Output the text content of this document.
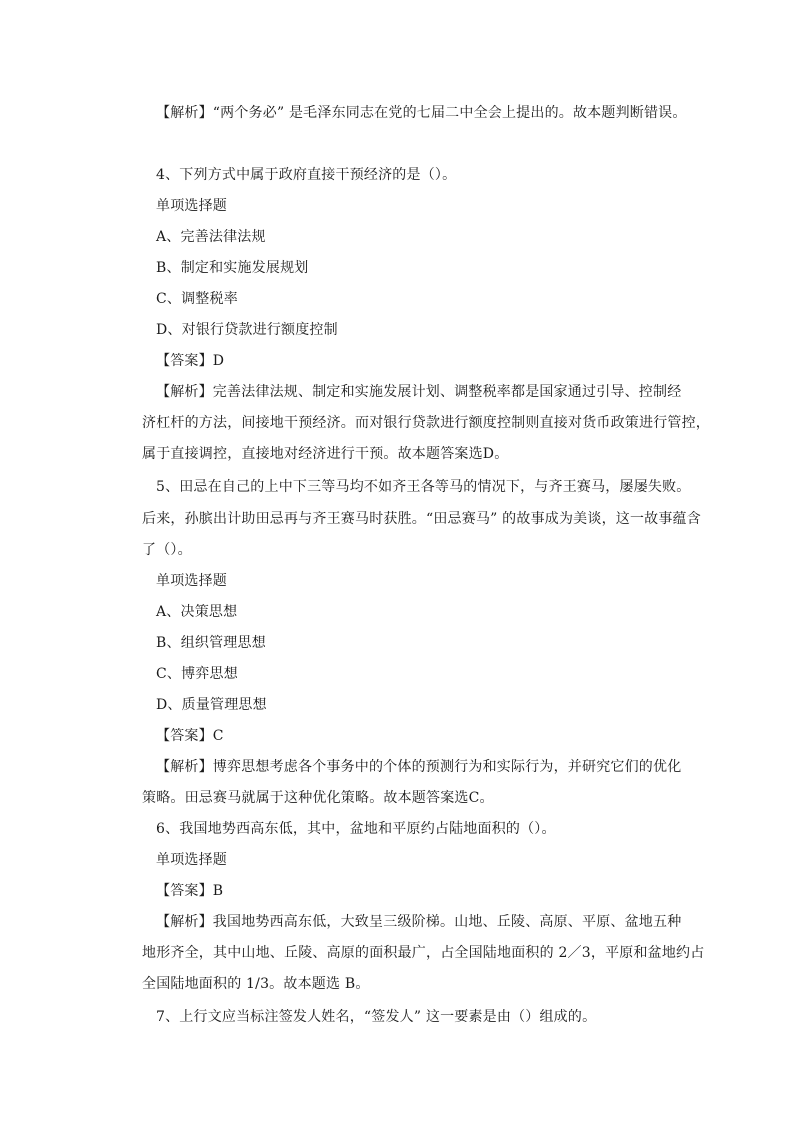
【解析】“两个务必” 是毛泽东同志在党的七届二中全会上提出的。故本题判断错误。
4、下列方式中属于政府直接干预经济的是（）。
单项选择题
A、完善法律法规
B、制定和实施发展规划
C、调整税率
D、对银行贷款进行额度控制
【答案】D
【解析】完善法律法规、制定和实施发展计划、调整税率都是国家通过引导、控制经
济杠杆的方法，间接地干预经济。而对银行贷款进行额度控制则直接对货币政策进行管控，
属于直接调控，直接地对经济进行干预。故本题答案选D。
5、田忌在自己的上中下三等马均不如齐王各等马的情况下，与齐王赛马，屡屡失败。
后来，孙膑出计助田忌再与齐王赛马时获胜。“田忌赛马” 的故事成为美谈，这一故事蕴含
了（）。
单项选择题
A、决策思想
B、组织管理思想
C、博弈思想
D、质量管理思想
【答案】C
【解析】博弈思想考虑各个事务中的个体的预测行为和实际行为，并研究它们的优化
策略。田忌赛马就属于这种优化策略。故本题答案选C。
6、我国地势西高东低，其中，盆地和平原约占陆地面积的（）。
单项选择题
【答案】B
【解析】我国地势西高东低，大致呈三级阶梯。山地、丘陵、高原、平原、盆地五种
地形齐全，其中山地、丘陵、高原的面积最广，占全国陆地面积的 2／3，平原和盆地约占
全国陆地面积的 1/3。故本题选 B。
7、上行文应当标注签发人姓名，“签发人” 这一要素是由（）组成的。
